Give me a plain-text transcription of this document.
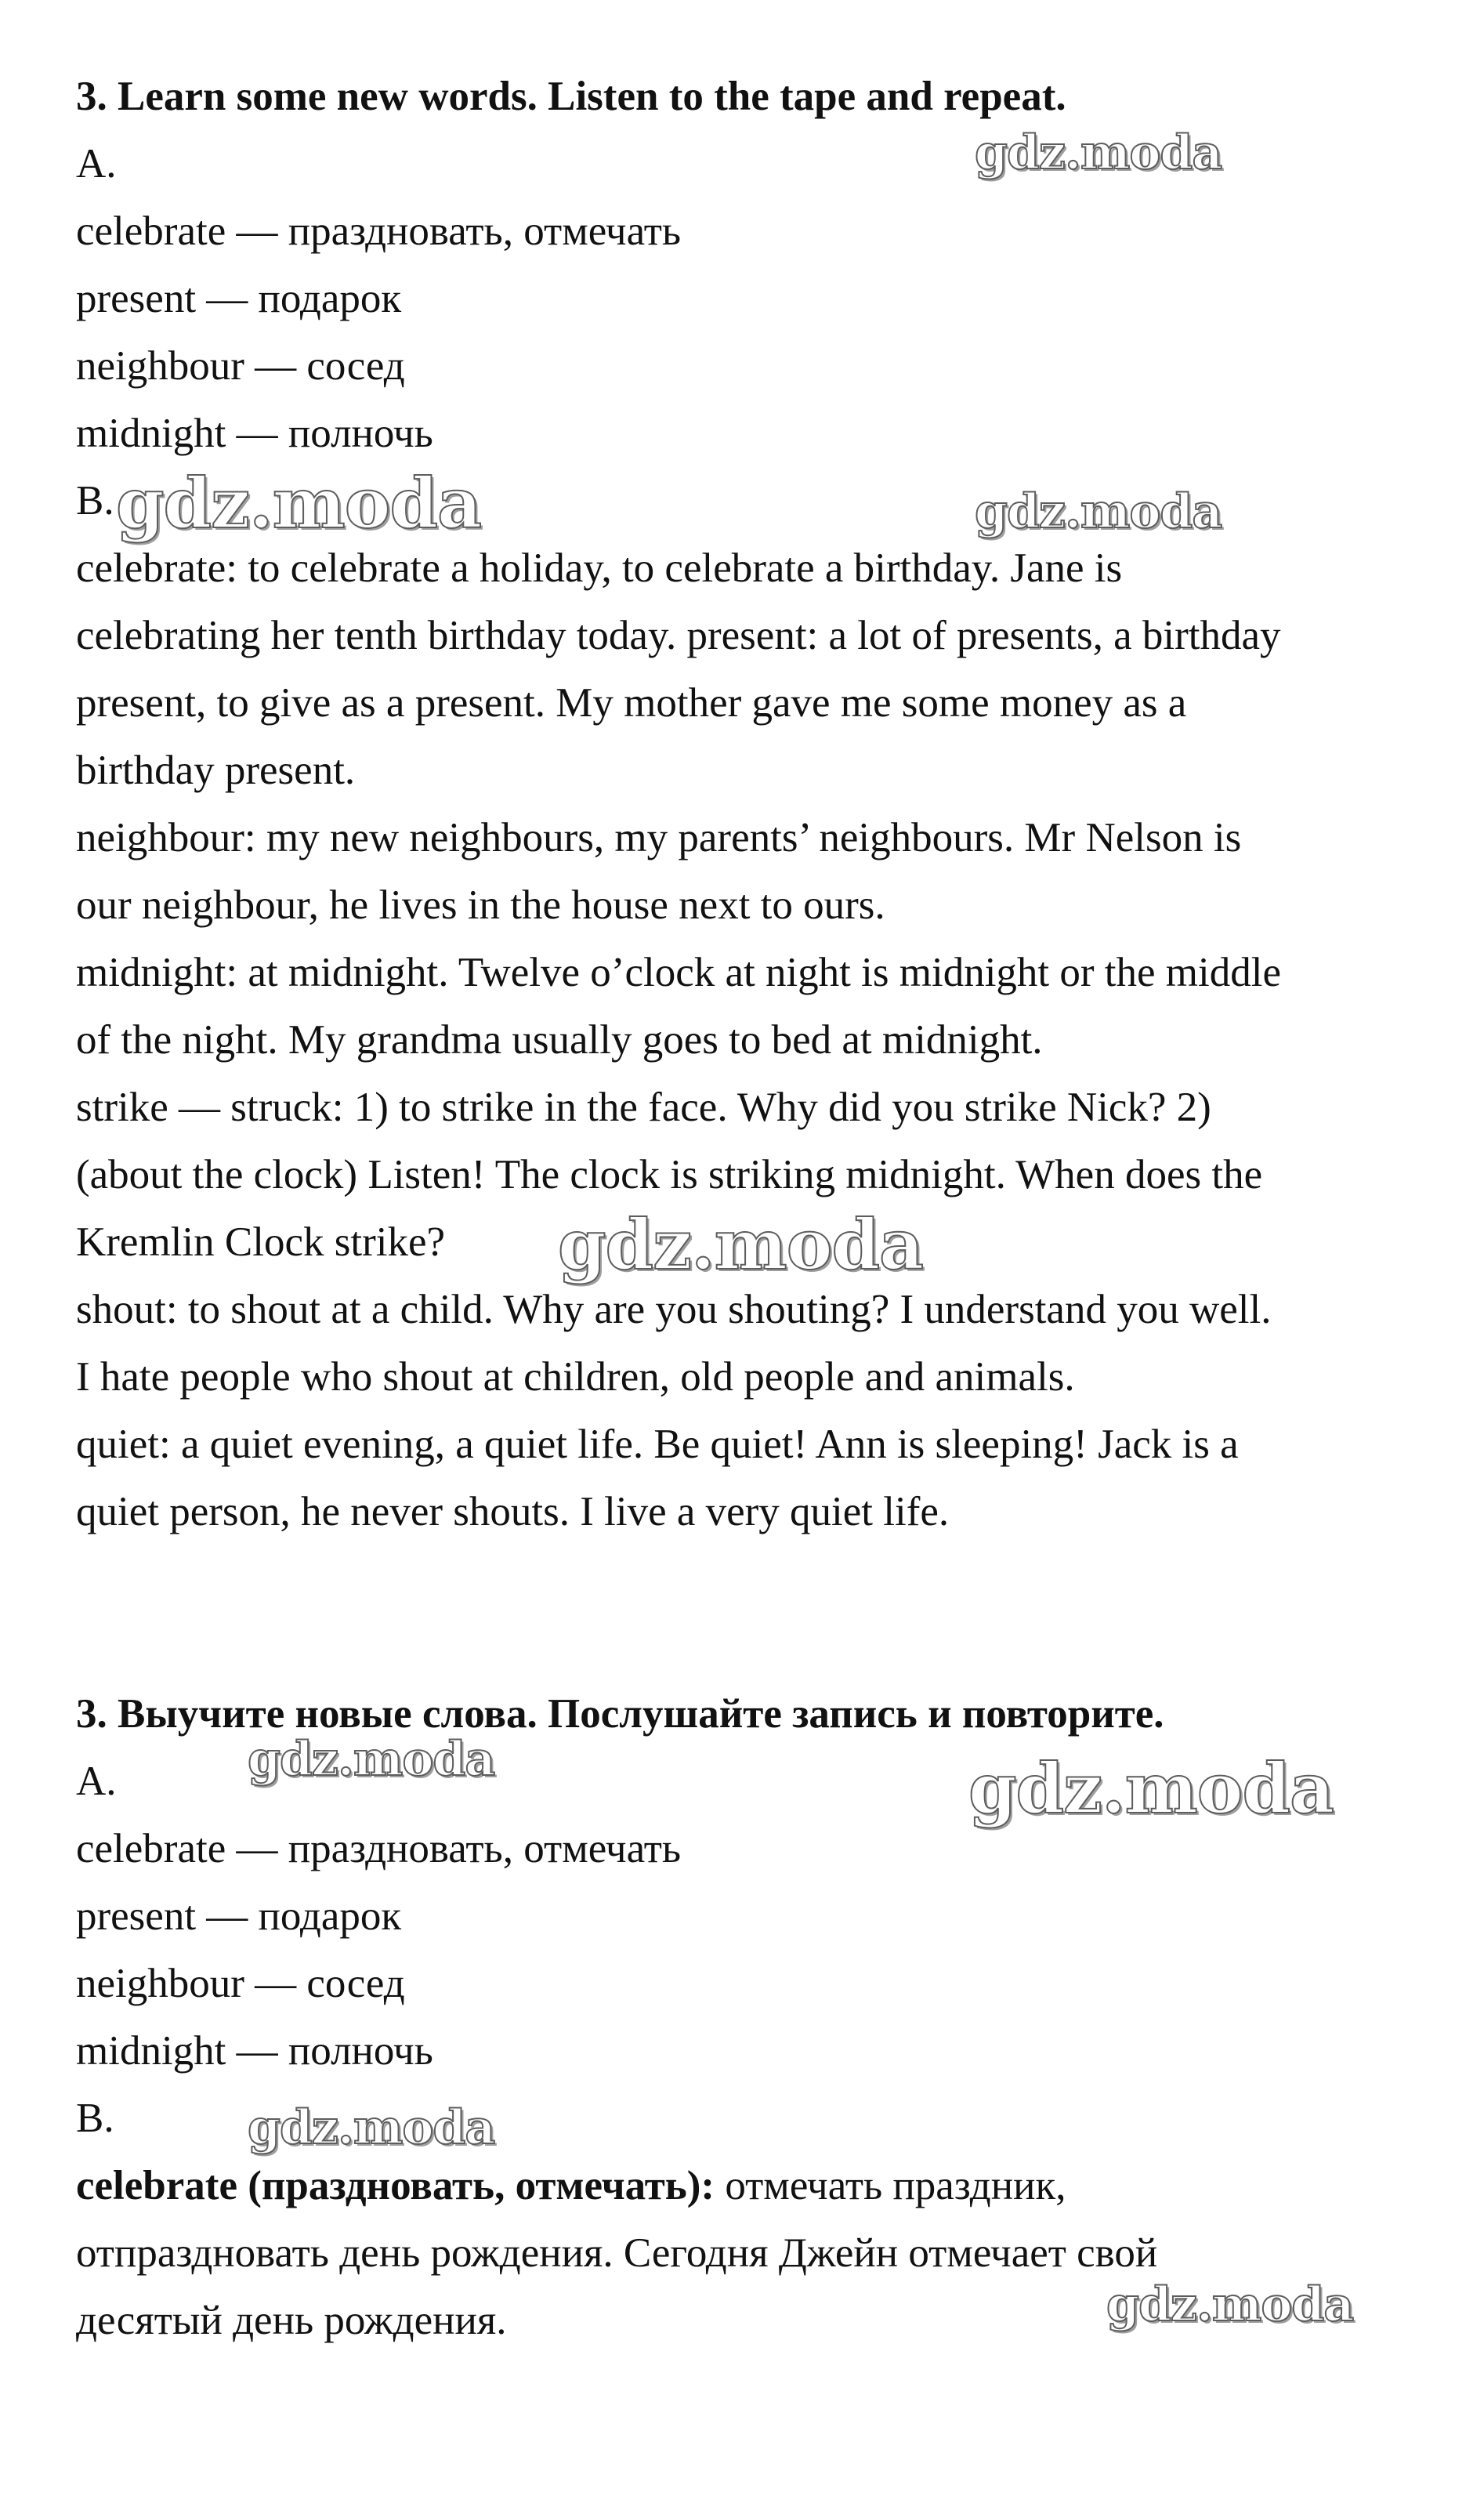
3. Learn some new words. Listen to the tape and repeat.
A.
celebrate — праздновать, отмечать
present — подарок
neighbour — сосед
midnight — полночь
B.
celebrate: to celebrate a holiday, to celebrate a birthday. Jane is
celebrating her tenth birthday today. present: a lot of presents, a birthday
present, to give as a present. My mother gave me some money as a
birthday present.
neighbour: my new neighbours, my parents’ neighbours. Mr Nelson is
our neighbour, he lives in the house next to ours.
midnight: at midnight. Twelve o’clock at night is midnight or the middle
of the night. My grandma usually goes to bed at midnight.
strike — struck: 1) to strike in the face. Why did you strike Nick? 2)
(about the clock) Listen! The clock is striking midnight. When does the
Kremlin Clock strike?
shout: to shout at a child. Why are you shouting? I understand you well.
I hate people who shout at children, old people and animals.
quiet: a quiet evening, a quiet life. Be quiet! Ann is sleeping! Jack is a
quiet person, he never shouts. I live a very quiet life.
3. Выучите новые слова. Послушайте запись и повторите.
A.
celebrate — праздновать, отмечать
present — подарок
neighbour — сосед
midnight — полночь
B.
celebrate (праздновать, отмечать): отмечать праздник,
отпраздновать день рождения. Сегодня Джейн отмечает свой
десятый день рождения.
gdz.moda
gdz.moda	gdz.moda
gdz.moda
gdz.moda	gdz.moda
gdz.moda
gdz.moda
